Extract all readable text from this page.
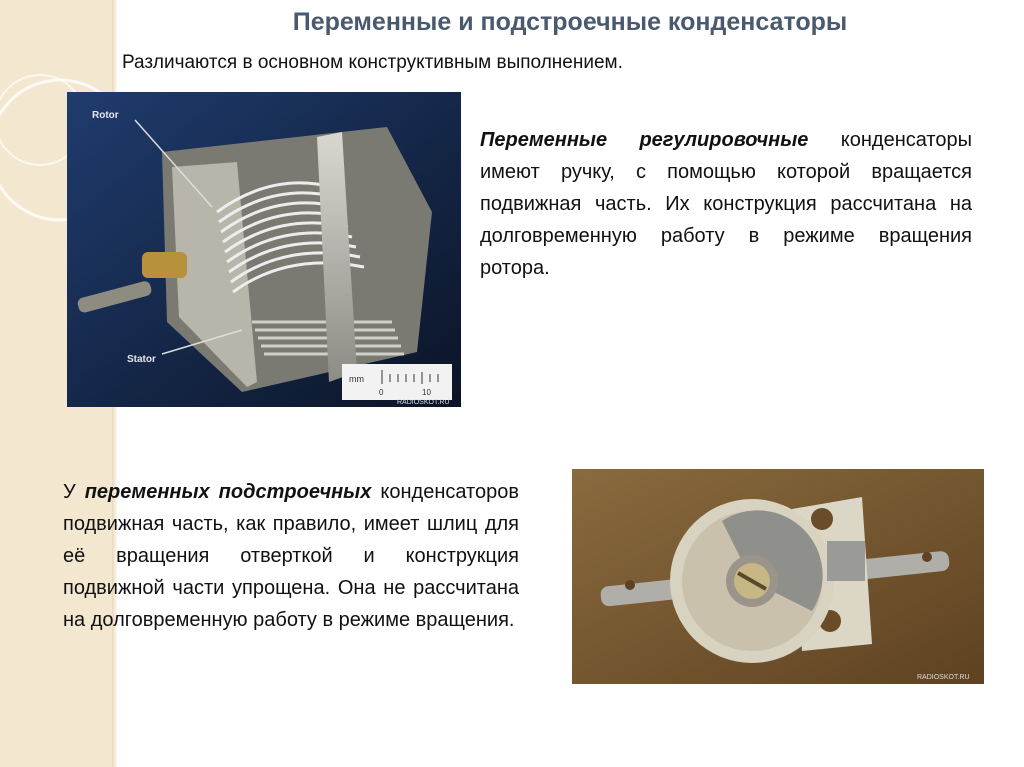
Переменные и подстроечные конденсаторы
Различаются в основном конструктивным выполнением.
Rotor
Stator
mm
0	10
RADIOSKOT.RU
Переменные регулировочные конденсаторы имеют ручку, с помощью которой вращается подвижная часть. Их конструкция рассчитана на долговременную работу в режиме вращения ротора.
У переменных подстроечных конденсаторов подвижная часть, как правило, имеет шлиц для её вращения отверткой и конструкция подвижной части упрощена. Она не рассчитана на долговременную работу в режиме вращения.
RADIOSKOT.RU
